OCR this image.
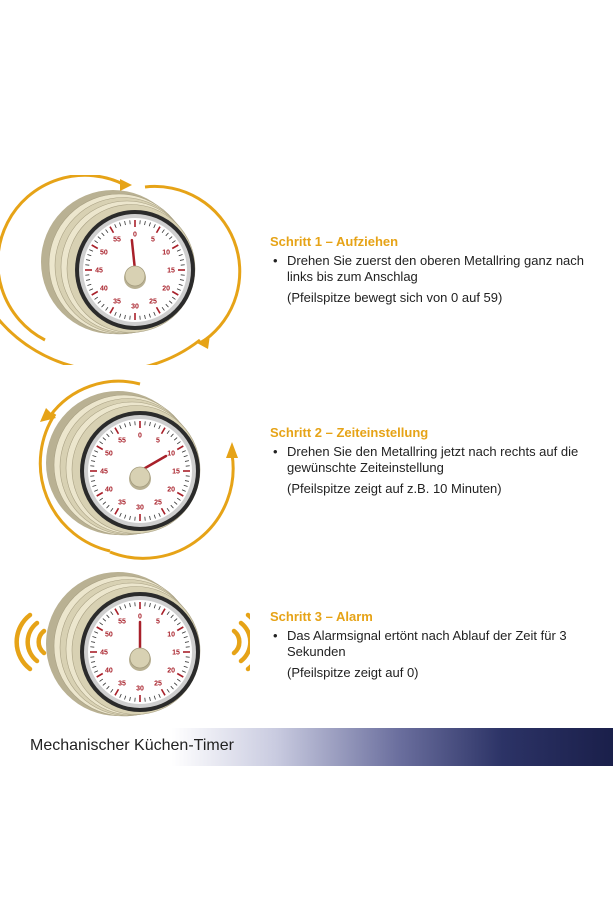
0
5
10
15
20
25
30
35
40
45
50
55	Schritt 1 – Aufziehen

• Drehen Sie zuerst den oberen Metallring ganz nach links bis zum Anschlag
(Pfeilspitze bewegt sich von 0 auf 59)
0
5
10
15
20
25
30
35
40
45
50
55

Schritt 2 – Zeiteinstellung

• Drehen Sie den Metallring jetzt nach rechts auf die gewünschte Zeiteinstellung
(Pfeilspitze zeigt auf z.B. 10 Minuten)
0
5
10
15
20
25
30
35
40
45
50
55	Schritt 3 – Alarm

• Das Alarmsignal ertönt nach Ablauf der Zeit für 3 Sekunden
(Pfeilspitze zeigt auf 0)
Mechanischer Küchen-Timer
